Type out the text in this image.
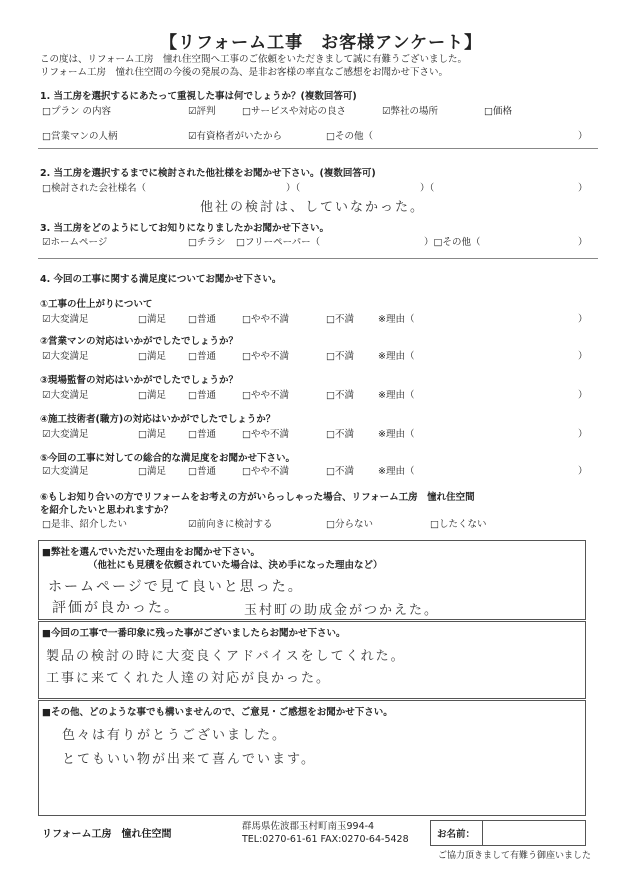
【リフォーム工事　お客様アンケート】
この度は、リフォーム工房　憧れ住空間へ工事のご依頼をいただきまして誠に有難うございました。
リフォーム工房　憧れ住空間の今後の発展の為、是非お客様の率直なご感想をお聞かせ下さい。
1. 当工房を選択するにあたって重視した事は何でしょうか？(複数回答可)
□プラン の内容	☑評判	□サービスや対応の良さ	☑弊社の場所	□価格
□営業マンの人柄	☑有資格者がいたから	□その他（	）
2. 当工房を選択するまでに検討された他社様をお聞かせ下さい。(複数回答可)
□検討された会社様名（	）（	）（	）
他社の検討は、していなかった。
3. 当工房をどのようにしてお知りになりましたかお聞かせ下さい。
☑ホームページ	□チラシ □フリーペーパー（	）□その他（	）
4. 今回の工事に関する満足度についてお聞かせ下さい。
①工事の仕上がりについて
☑大変満足	□満足 □普通	□やや不満	□不満	※理由（	）
②営業マンの対応はいかがでしたでしょうか？
☑大変満足	□満足 □普通	□やや不満	□不満	※理由（	）
③現場監督の対応はいかがでしたでしょうか？
☑大変満足	□満足 □普通	□やや不満	□不満	※理由（	）
④施工技術者(職方)の対応はいかがでしたでしょうか？
☑大変満足	□満足 □普通	□やや不満	□不満	※理由（	）
⑤今回の工事に対しての総合的な満足度をお聞かせ下さい。
☑大変満足	□満足 □普通	□やや不満	□不満	※理由（	）
⑥もしお知り合いの方でリフォームをお考えの方がいらっしゃった場合、リフォーム工房　憧れ住空間
を紹介したいと思われますか？
□是非、紹介したい	☑前向きに検討する	□分らない	□したくない
■弊社を選んでいただいた理由をお聞かせ下さい。
（他社にも見積を依頼されていた場合は、決め手になった理由など）
ホームページで見て良いと思った。
評価が良かった。	玉村町の助成金がつかえた。
■今回の工事で一番印象に残った事がございましたらお聞かせ下さい。
製品の検討の時に大変良くアドバイスをしてくれた。
工事に来てくれた人達の対応が良かった。
■その他、どのような事でも構いませんので、ご意見・ご感想をお聞かせ下さい。
色々は有りがとうございました。
とてもいい物が出来て喜んでいます。
リフォーム工房　憧れ住空間
群馬県佐波郡玉村町南玉994-4
TEL:0270-61-61 FAX:0270-64-5428	お名前：
ご協力頂きまして有難う御座いました
